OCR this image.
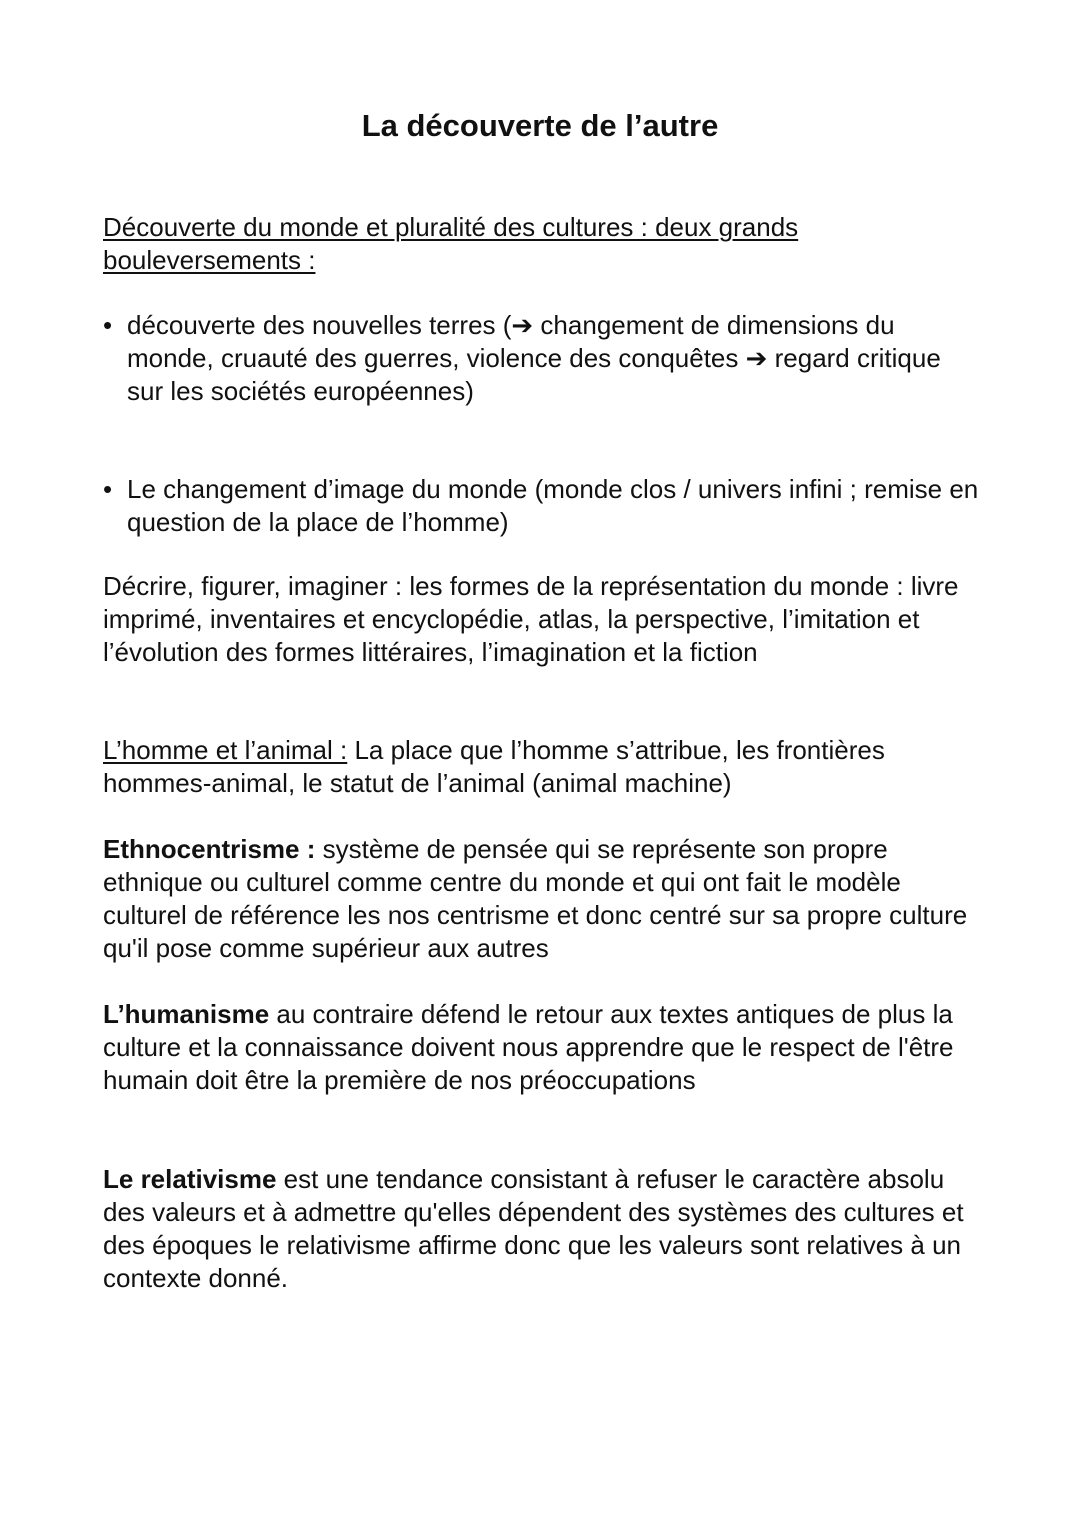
La découverte de l’autre

Découverte du monde et pluralité des cultures : deux grands bouleversements :

• découverte des nouvelles terres (➔ changement de dimensions du monde, cruauté des guerres, violence des conquêtes ➔ regard critique sur les sociétés européennes)
• Le changement d’image du monde (monde clos / univers infini ; remise en question de la place de l’homme)

Décrire, figurer, imaginer : les formes de la représentation du monde : livre imprimé, inventaires et encyclopédie, atlas, la perspective, l’imitation et l’évolution des formes littéraires, l’imagination et la fiction

L’homme et l’animal : La place que l’homme s’attribue, les frontières hommes-animal, le statut de l’animal (animal machine)

Ethnocentrisme : système de pensée qui se représente son propre ethnique ou culturel comme centre du monde et qui ont fait le modèle culturel de référence les nos centrisme et donc centré sur sa propre culture qu'il pose comme supérieur aux autres

L’humanisme au contraire défend le retour aux textes antiques de plus la culture et la connaissance doivent nous apprendre que le respect de l'être humain doit être la première de nos préoccupations

Le relativisme est une tendance consistant à refuser le caractère absolu des valeurs et à admettre qu'elles dépendent des systèmes des cultures et des époques le relativisme affirme donc que les valeurs sont relatives à un contexte donné.
